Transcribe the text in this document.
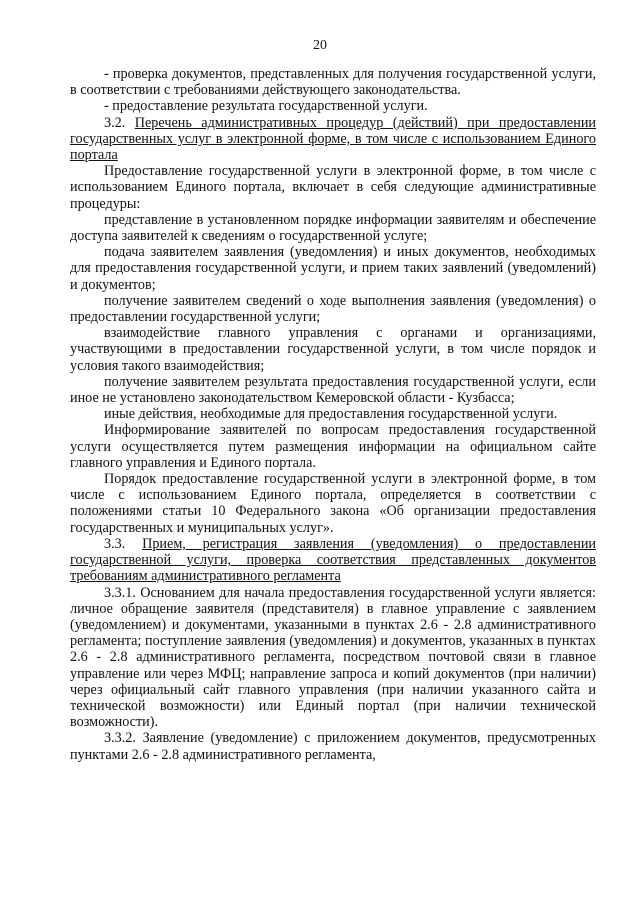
20

- проверка документов, представленных для получения государственной услуги, в соответствии с требованиями действующего законодательства.

- предоставление результата государственной услуги.

3.2. Перечень административных процедур (действий) при предоставлении государственных услуг в электронной форме, в том числе с использованием Единого портала

Предоставление государственной услуги в электронной форме, в том числе с использованием Единого портала, включает в себя следующие административные процедуры:

представление в установленном порядке информации заявителям и обеспечение доступа заявителей к сведениям о государственной услуге;

подача заявителем заявления (уведомления) и иных документов, необходимых для предоставления государственной услуги, и прием таких заявлений (уведомлений) и документов;

получение заявителем сведений о ходе выполнения заявления (уведомления) о предоставлении государственной услуги;

взаимодействие главного управления с органами и организациями, участвующими в предоставлении государственной услуги, в том числе порядок и условия такого взаимодействия;

получение заявителем результата предоставления государственной услуги, если иное не установлено законодательством Кемеровской области - Кузбасса;

иные действия, необходимые для предоставления государственной услуги.

Информирование заявителей по вопросам предоставления государственной услуги осуществляется путем размещения информации на официальном сайте главного управления и Единого портала.

Порядок предоставление государственной услуги в электронной форме, в том числе с использованием Единого портала, определяется в соответствии с положениями статьи 10 Федерального закона «Об организации предоставления государственных и муниципальных услуг».

3.3. Прием, регистрация заявления (уведомления) о предоставлении государственной услуги, проверка соответствия представленных документов требованиям административного регламента

3.3.1. Основанием для начала предоставления государственной услуги является: личное обращение заявителя (представителя) в главное управление с заявлением (уведомлением) и документами, указанными в пунктах 2.6 - 2.8 административного регламента; поступление заявления (уведомления) и документов, указанных в пунктах 2.6 - 2.8 административного регламента, посредством почтовой связи в главное управление или через МФЦ; направление запроса и копий документов (при наличии) через официальный сайт главного управления (при наличии указанного сайта и технической возможности) или Единый портал (при наличии технической возможности).

3.3.2. Заявление (уведомление) с приложением документов, предусмотренных пунктами 2.6 - 2.8 административного регламента,
